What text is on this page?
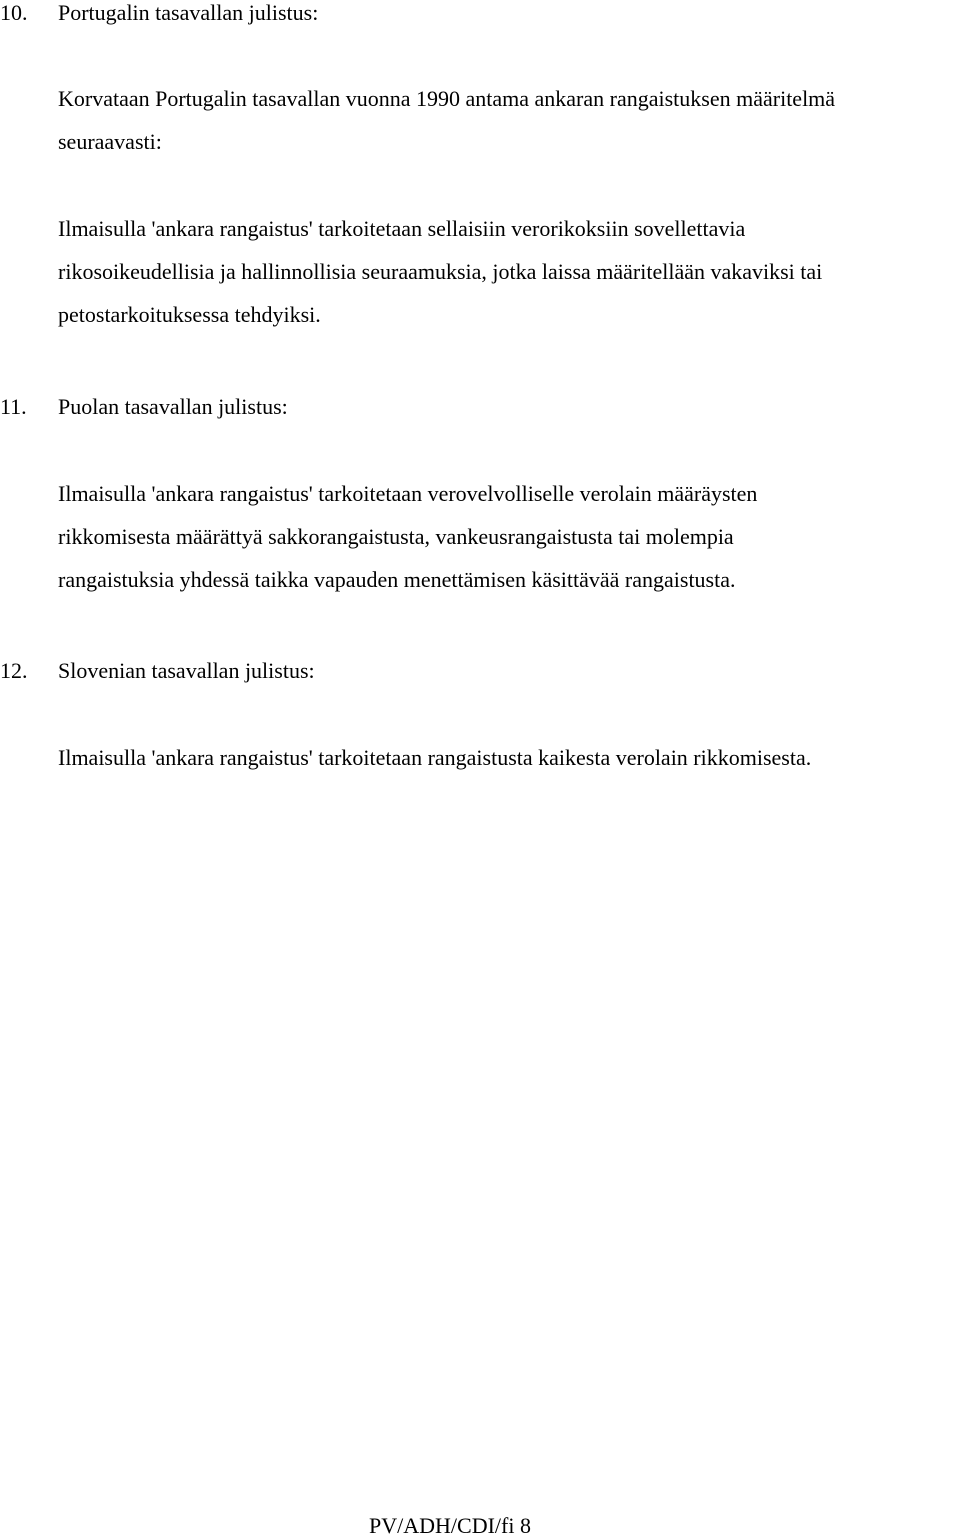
10. Portugalin tasavallan julistus:
Korvataan Portugalin tasavallan vuonna 1990 antama ankaran rangaistuksen määritelmä
seuraavasti:
Ilmaisulla 'ankara rangaistus' tarkoitetaan sellaisiin verorikoksiin sovellettavia
rikosoikeudellisia ja hallinnollisia seuraamuksia, jotka laissa määritellään vakaviksi tai
petostarkoituksessa tehdyiksi.
11. Puolan tasavallan julistus:
Ilmaisulla 'ankara rangaistus' tarkoitetaan verovelvolliselle verolain määräysten
rikkomisesta määrättyä sakkorangaistusta, vankeusrangaistusta tai molempia
rangaistuksia yhdessä taikka vapauden menettämisen käsittävää rangaistusta.
12. Slovenian tasavallan julistus:
Ilmaisulla 'ankara rangaistus' tarkoitetaan rangaistusta kaikesta verolain rikkomisesta.
PV/ADH/CDI/fi 8
